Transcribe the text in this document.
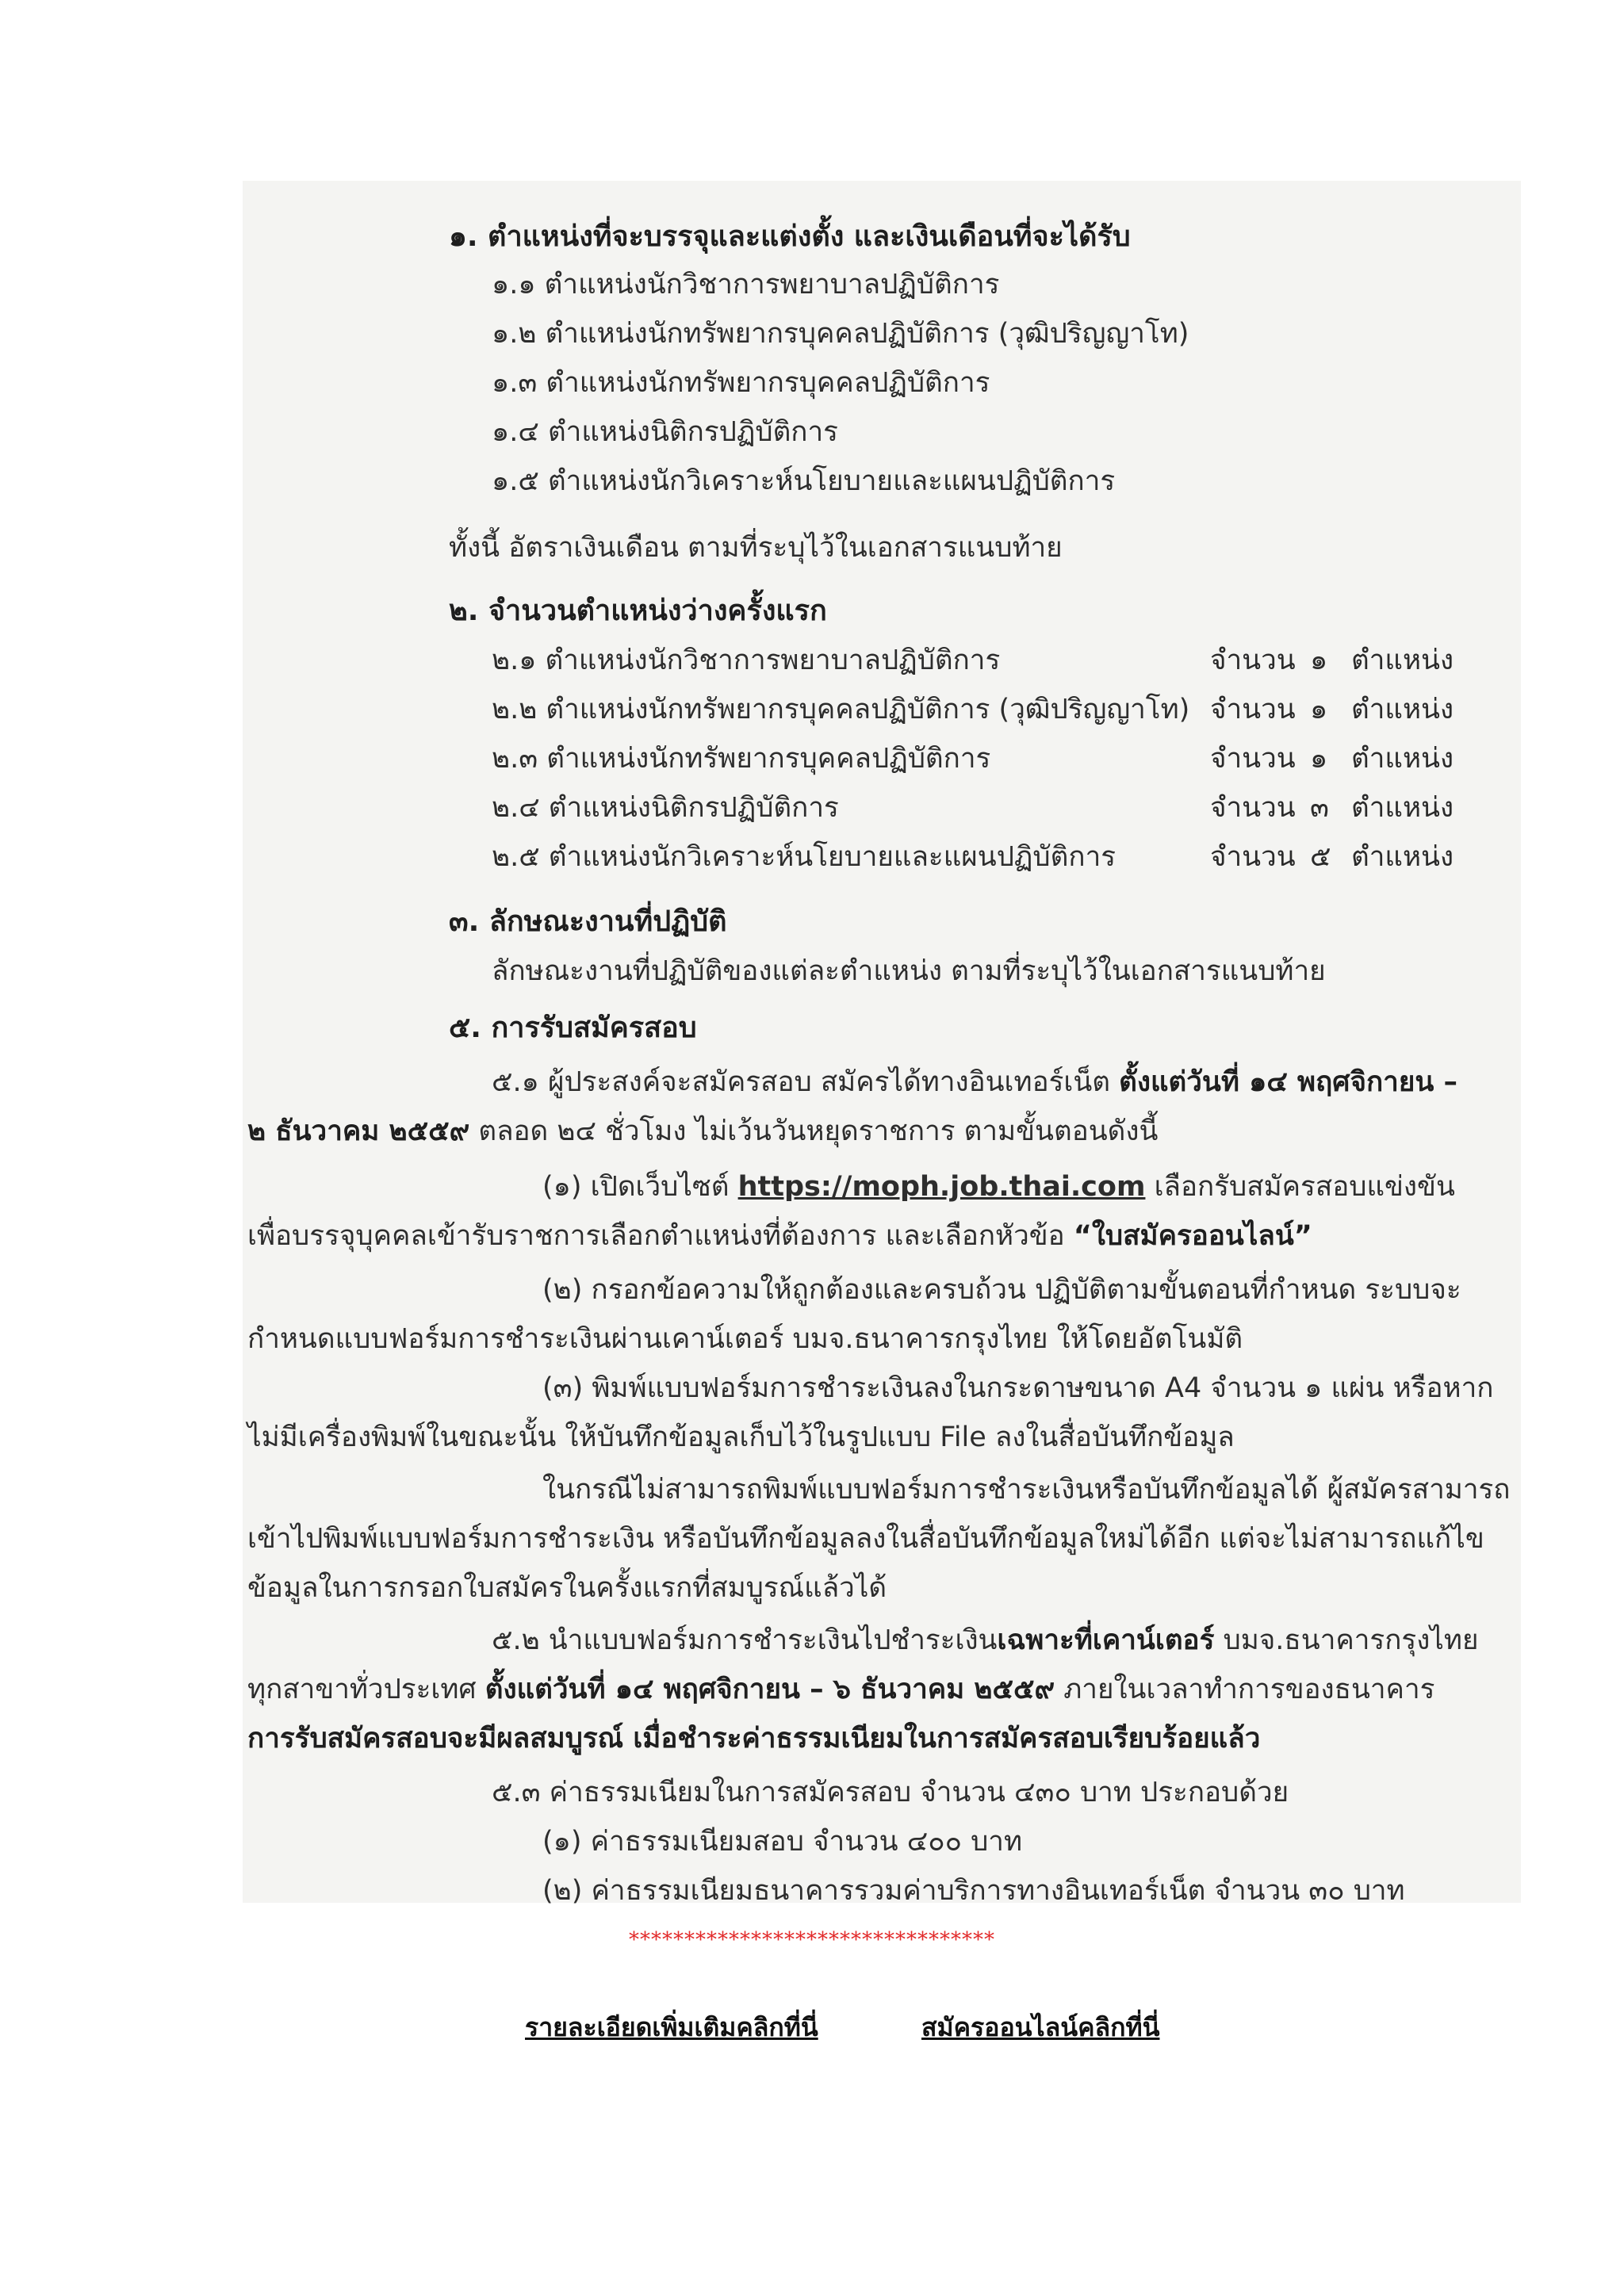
๑. ตำแหน่งที่จะบรรจุและแต่งตั้ง และเงินเดือนที่จะได้รับ
๑.๑ ตำแหน่งนักวิชาการพยาบาลปฏิบัติการ
๑.๒ ตำแหน่งนักทรัพยากรบุคคลปฏิบัติการ (วุฒิปริญญาโท)
๑.๓ ตำแหน่งนักทรัพยากรบุคคลปฏิบัติการ
๑.๔ ตำแหน่งนิติกรปฏิบัติการ
๑.๕ ตำแหน่งนักวิเคราะห์นโยบายและแผนปฏิบัติการ
ทั้งนี้ อัตราเงินเดือน ตามที่ระบุไว้ในเอกสารแนบท้าย
๒. จำนวนตำแหน่งว่างครั้งแรก
๒.๑ ตำแหน่งนักวิชาการพยาบาลปฏิบัติการ	จำนวน ๑ ตำแหน่ง
๒.๒ ตำแหน่งนักทรัพยากรบุคคลปฏิบัติการ (วุฒิปริญญาโท) จำนวน ๑ ตำแหน่ง
๒.๓ ตำแหน่งนักทรัพยากรบุคคลปฏิบัติการ	จำนวน ๑ ตำแหน่ง
๒.๔ ตำแหน่งนิติกรปฏิบัติการ	จำนวน ๓ ตำแหน่ง
๒.๕ ตำแหน่งนักวิเคราะห์นโยบายและแผนปฏิบัติการ	จำนวน ๕ ตำแหน่ง
๓. ลักษณะงานที่ปฏิบัติ
ลักษณะงานที่ปฏิบัติของแต่ละตำแหน่ง ตามที่ระบุไว้ในเอกสารแนบท้าย
๕. การรับสมัครสอบ
๕.๑ ผู้ประสงค์จะสมัครสอบ สมัครได้ทางอินเทอร์เน็ต ตั้งแต่วันที่ ๑๔ พฤศจิกายน –
๒ ธันวาคม ๒๕๕๙ ตลอด ๒๔ ชั่วโมง ไม่เว้นวันหยุดราชการ ตามขั้นตอนดังนี้
(๑) เปิดเว็บไซต์ https://moph.job.thai.com เลือกรับสมัครสอบแข่งขัน
เพื่อบรรจุบุคคลเข้ารับราชการเลือกตำแหน่งที่ต้องการ และเลือกหัวข้อ “ใบสมัครออนไลน์”
(๒) กรอกข้อความให้ถูกต้องและครบถ้วน ปฏิบัติตามขั้นตอนที่กำหนด ระบบจะ
กำหนดแบบฟอร์มการชำระเงินผ่านเคาน์เตอร์ บมจ.ธนาคารกรุงไทย ให้โดยอัตโนมัติ
(๓) พิมพ์แบบฟอร์มการชำระเงินลงในกระดาษขนาด A4 จำนวน ๑ แผ่น หรือหาก
ไม่มีเครื่องพิมพ์ในขณะนั้น ให้บันทึกข้อมูลเก็บไว้ในรูปแบบ File ลงในสื่อบันทึกข้อมูล
ในกรณีไม่สามารถพิมพ์แบบฟอร์มการชำระเงินหรือบันทึกข้อมูลได้ ผู้สมัครสามารถ
เข้าไปพิมพ์แบบฟอร์มการชำระเงิน หรือบันทึกข้อมูลลงในสื่อบันทึกข้อมูลใหม่ได้อีก แต่จะไม่สามารถแก้ไข
ข้อมูลในการกรอกใบสมัครในครั้งแรกที่สมบูรณ์แล้วได้
๕.๒ นำแบบฟอร์มการชำระเงินไปชำระเงินเฉพาะที่เคาน์เตอร์ บมจ.ธนาคารกรุงไทย
ทุกสาขาทั่วประเทศ ตั้งแต่วันที่ ๑๔ พฤศจิกายน – ๖ ธันวาคม ๒๕๕๙ ภายในเวลาทำการของธนาคาร
การรับสมัครสอบจะมีผลสมบูรณ์ เมื่อชำระค่าธรรมเนียมในการสมัครสอบเรียบร้อยแล้ว
๕.๓ ค่าธรรมเนียมในการสมัครสอบ จำนวน ๔๓๐ บาท ประกอบด้วย
(๑) ค่าธรรมเนียมสอบ จำนวน ๔๐๐ บาท
(๒) ค่าธรรมเนียมธนาคารรวมค่าบริการทางอินเทอร์เน็ต จำนวน ๓๐ บาท
*********************************
รายละเอียดเพิ่มเติมคลิกที่นี่	สมัครออนไลน์คลิกที่นี่
